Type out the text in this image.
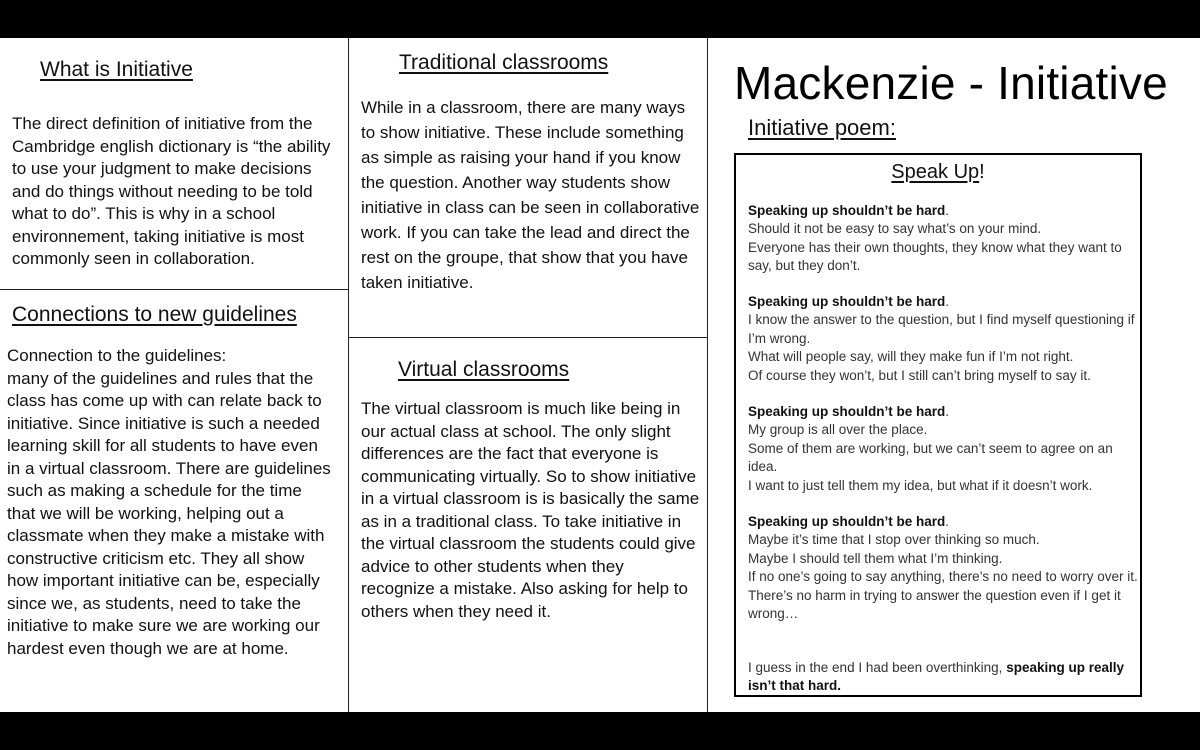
What is Initiative

The direct definition of initiative from the Cambridge english dictionary is “the ability to use your judgment to make decisions and do things without needing to be told what to do”. This is why in a school environnement, taking initiative is most commonly seen in collaboration.

Connections to new guidelines
Connection to the guidelines:
many of the guidelines and rules that the class has come up with can relate back to initiative. Since initiative is such a needed learning skill for all students to have even in a virtual classroom. There are guidelines such as making a schedule for the time that we will be working, helping out a classmate when they make a mistake with constructive criticism etc. They all show how important initiative can be, especially since we, as students, need to take the initiative to make sure we are working our hardest even though we are at home.
Traditional classrooms

While in a classroom, there are many ways to show initiative. These include something as simple as raising your hand if you know the question. Another way students show initiative in class can be seen in collaborative work. If you can take the lead and direct the rest on the groupe, that show that you have taken initiative.

Virtual classrooms

The virtual classroom is much like being in our actual class at school. The only slight differences are the fact that everyone is communicating virtually. So to show initiative in a virtual classroom is is basically the same as in a traditional class. To take initiative in the virtual classroom the students could give advice to other students when they recognize a mistake. Also asking for help to others when they need it.

Mackenzie - Initiative
Initiative poem:
Speak Up!
Speaking up shouldn’t be hard.
Should it not be easy to say what’s on your mind.
Everyone has their own thoughts, they know what they want to say, but they don’t.
Speaking up shouldn’t be hard.
I know the answer to the question, but I find myself questioning if I’m wrong.
What will people say, will they make fun if I’m not right.
Of course they won’t, but I still can’t bring myself to say it.
Speaking up shouldn’t be hard.
My group is all over the place.
Some of them are working, but we can’t seem to agree on an idea.
I want to just tell them my idea, but what if it doesn’t work.
Speaking up shouldn’t be hard.
Maybe it’s time that I stop over thinking so much.
Maybe I should tell them what I’m thinking.
If no one’s going to say anything, there’s no need to worry over it.
There’s no harm in trying to answer the question even if I get it wrong…
I guess in the end I had been overthinking, speaking up really isn’t that hard.
